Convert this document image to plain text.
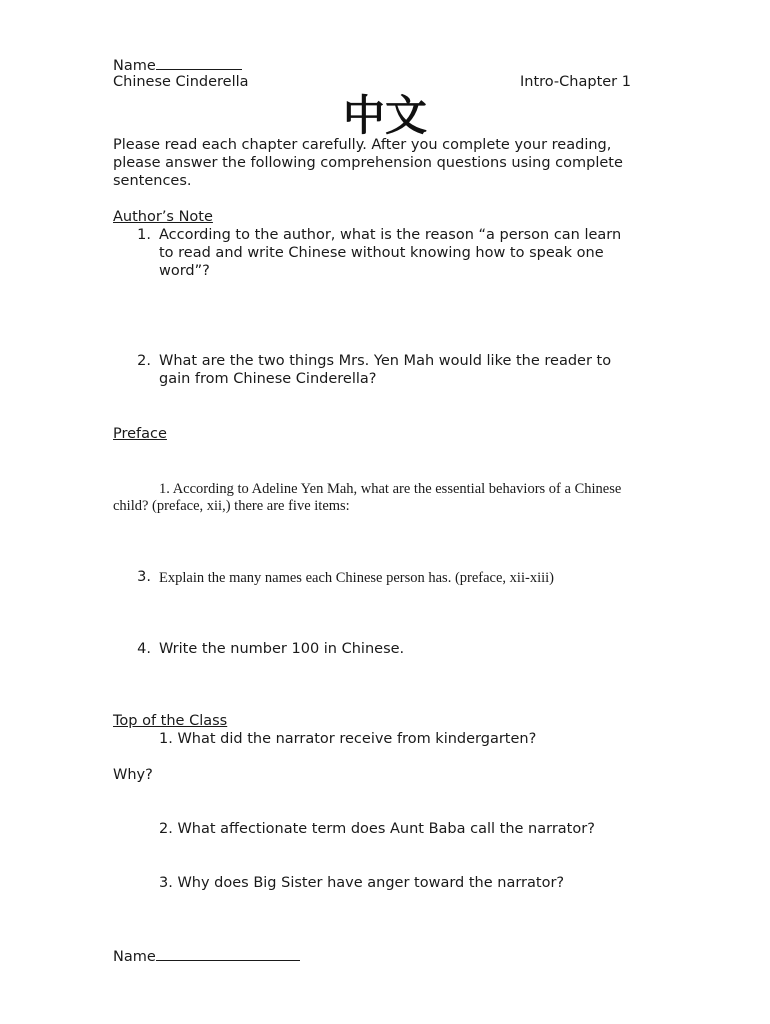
Name
Chinese Cinderella	Intro-Chapter 1
中文
Please read each chapter carefully. After you complete your reading,
please answer the following comprehension questions using complete
sentences.
Author’s Note
1. According to the author, what is the reason “a person can learn
to read and write Chinese without knowing how to speak one
word”?
2. What are the two things Mrs. Yen Mah would like the reader to
gain from Chinese Cinderella?
Preface
1. According to Adeline Yen Mah, what are the essential behaviors of a Chinese
child? (preface, xii,) there are five items:
3. Explain the many names each Chinese person has. (preface, xii-xiii)
4. Write the number 100 in Chinese.
Top of the Class
1. What did the narrator receive from kindergarten?
Why?
2. What affectionate term does Aunt Baba call the narrator?
3. Why does Big Sister have anger toward the narrator?
Name
